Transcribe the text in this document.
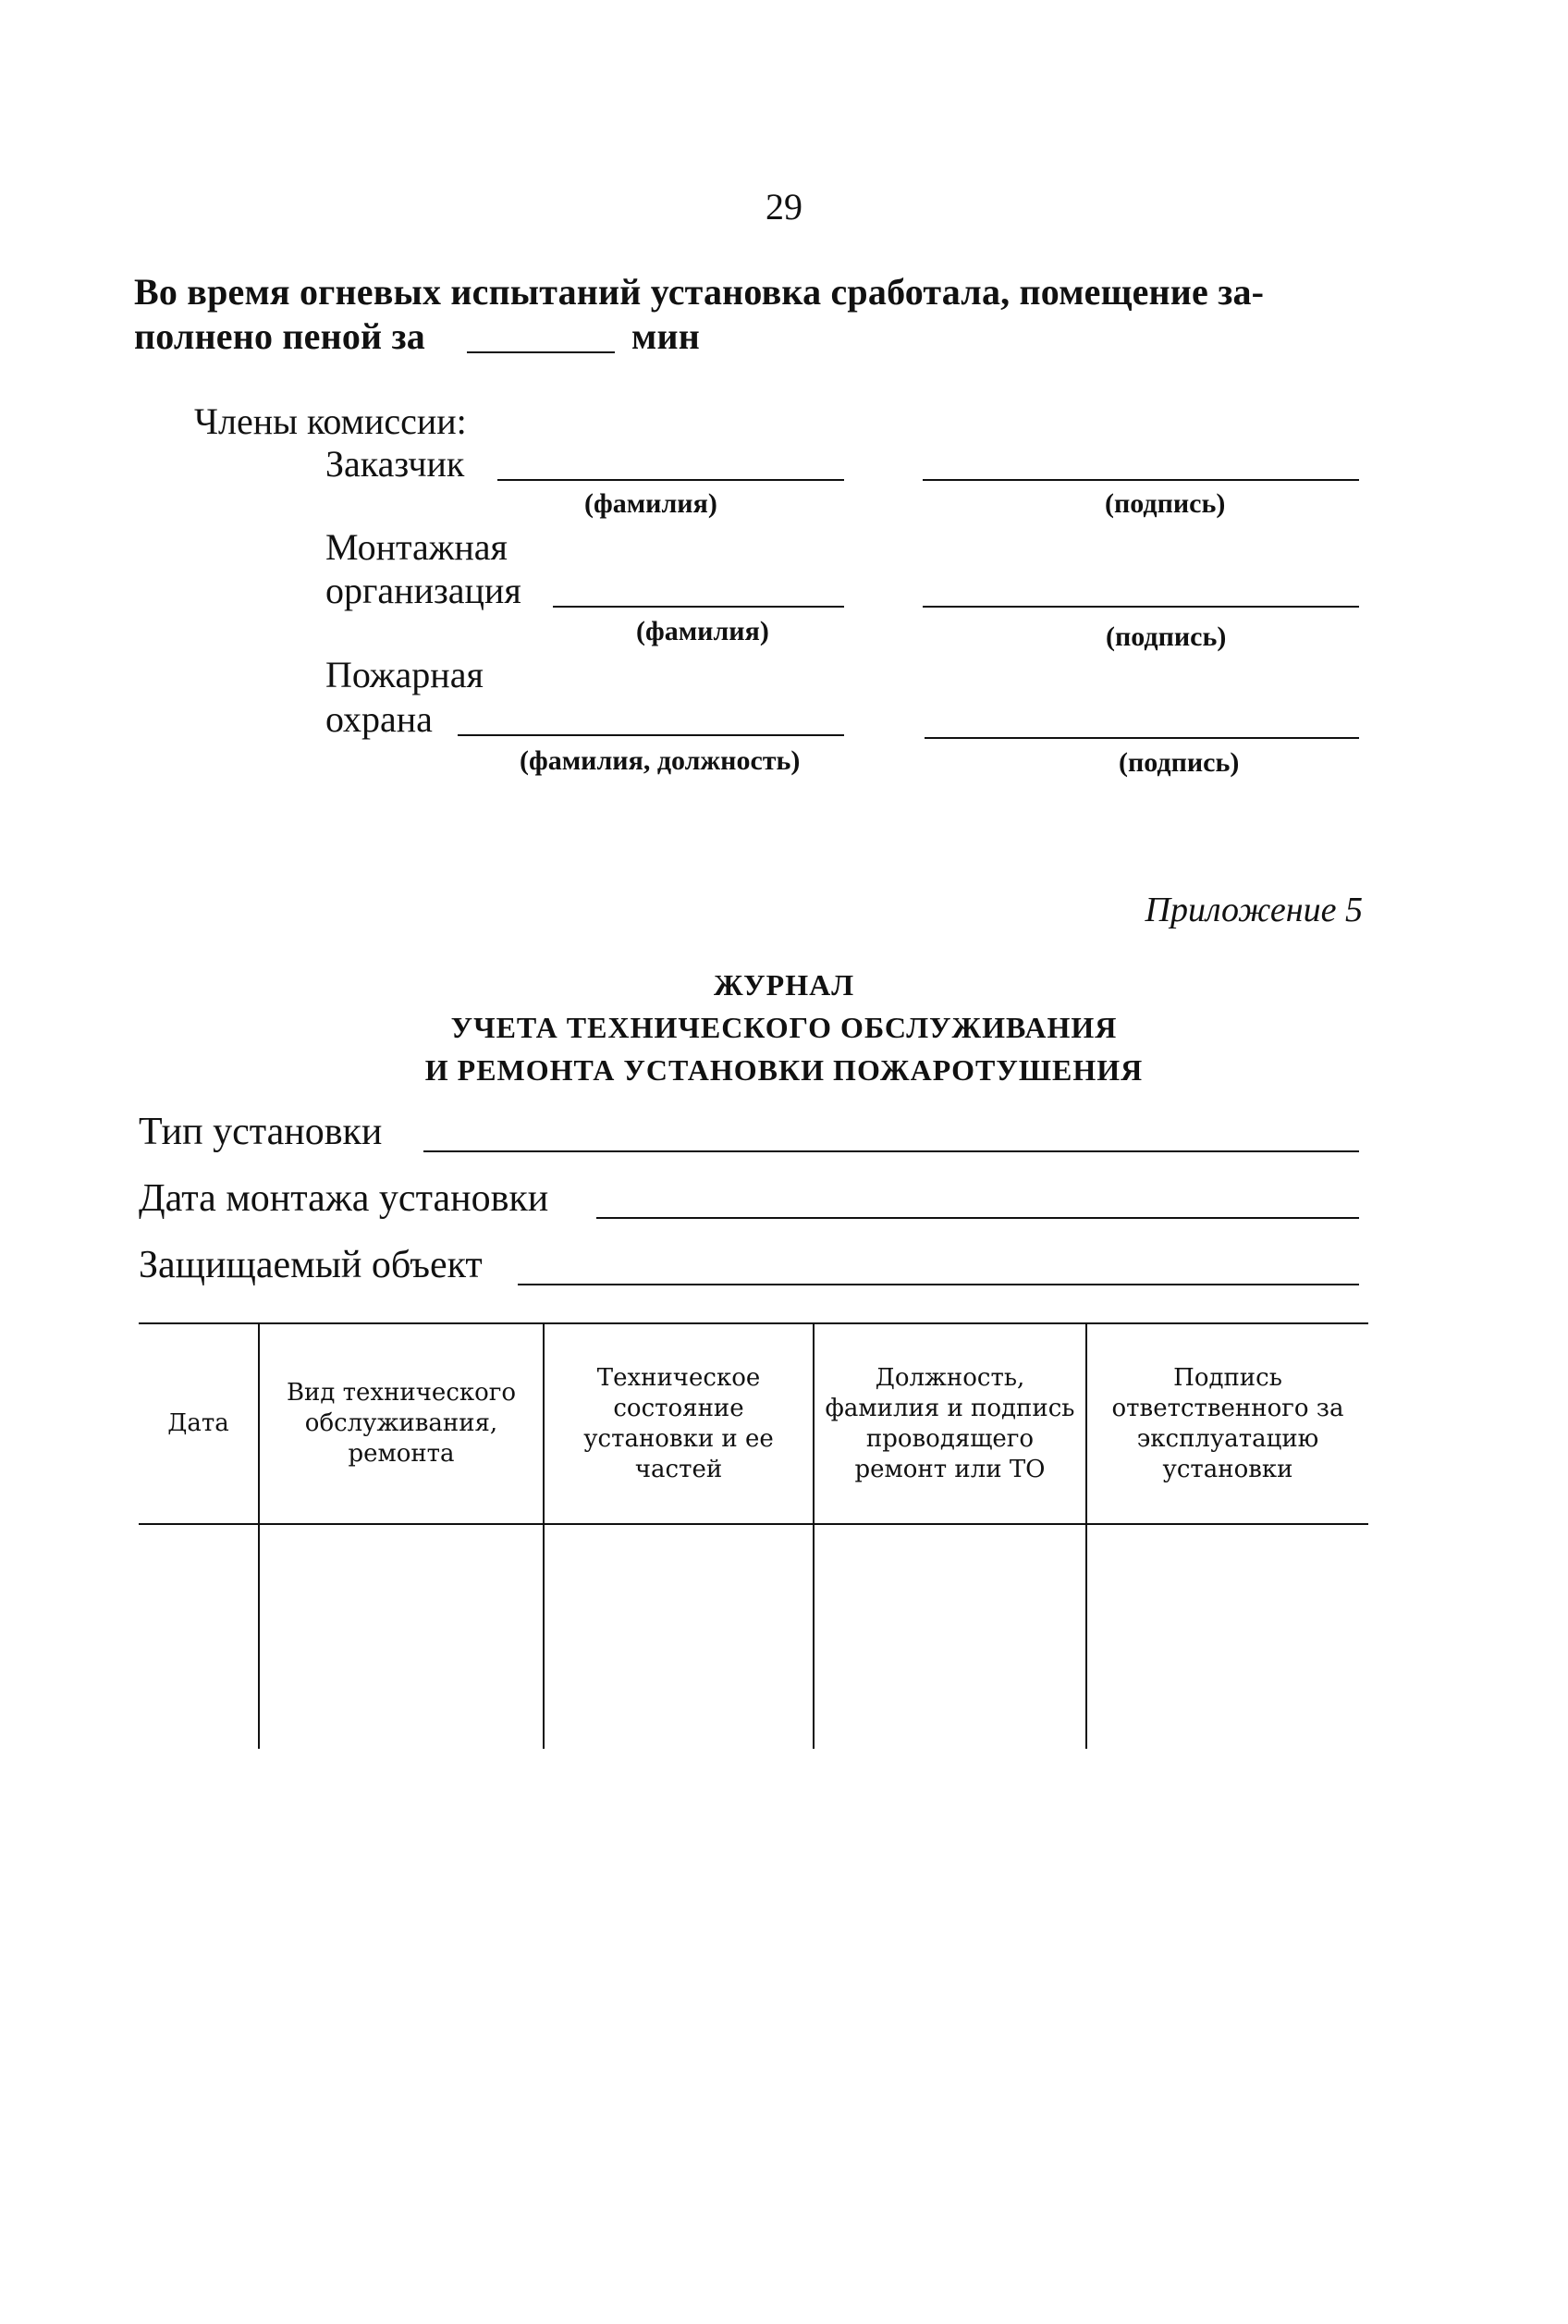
29
Во время огневых испытаний установка сработала, помещение за-
полнено пеной за	мин
Члены комиссии:
Заказчик
(фамилия)	(подпись)
Монтажная
организация
(фамилия)	(подпись)
Пожарная
охрана
(фамилия, должность)	(подпись)
Приложение 5
ЖУРНАЛ
УЧЕТА ТЕХНИЧЕСКОГО ОБСЛУЖИВАНИЯ
И РЕМОНТА УСТАНОВКИ ПОЖАРОТУШЕНИЯ
Тип установки
Дата монтажа установки
Защищаемый объект
Дата	Вид технического обслуживания, ремонта	Техническое состояние установки и ее частей	Должность, фамилия и подпись проводящего ремонт или ТО	Подпись ответственного за эксплуатацию установки
